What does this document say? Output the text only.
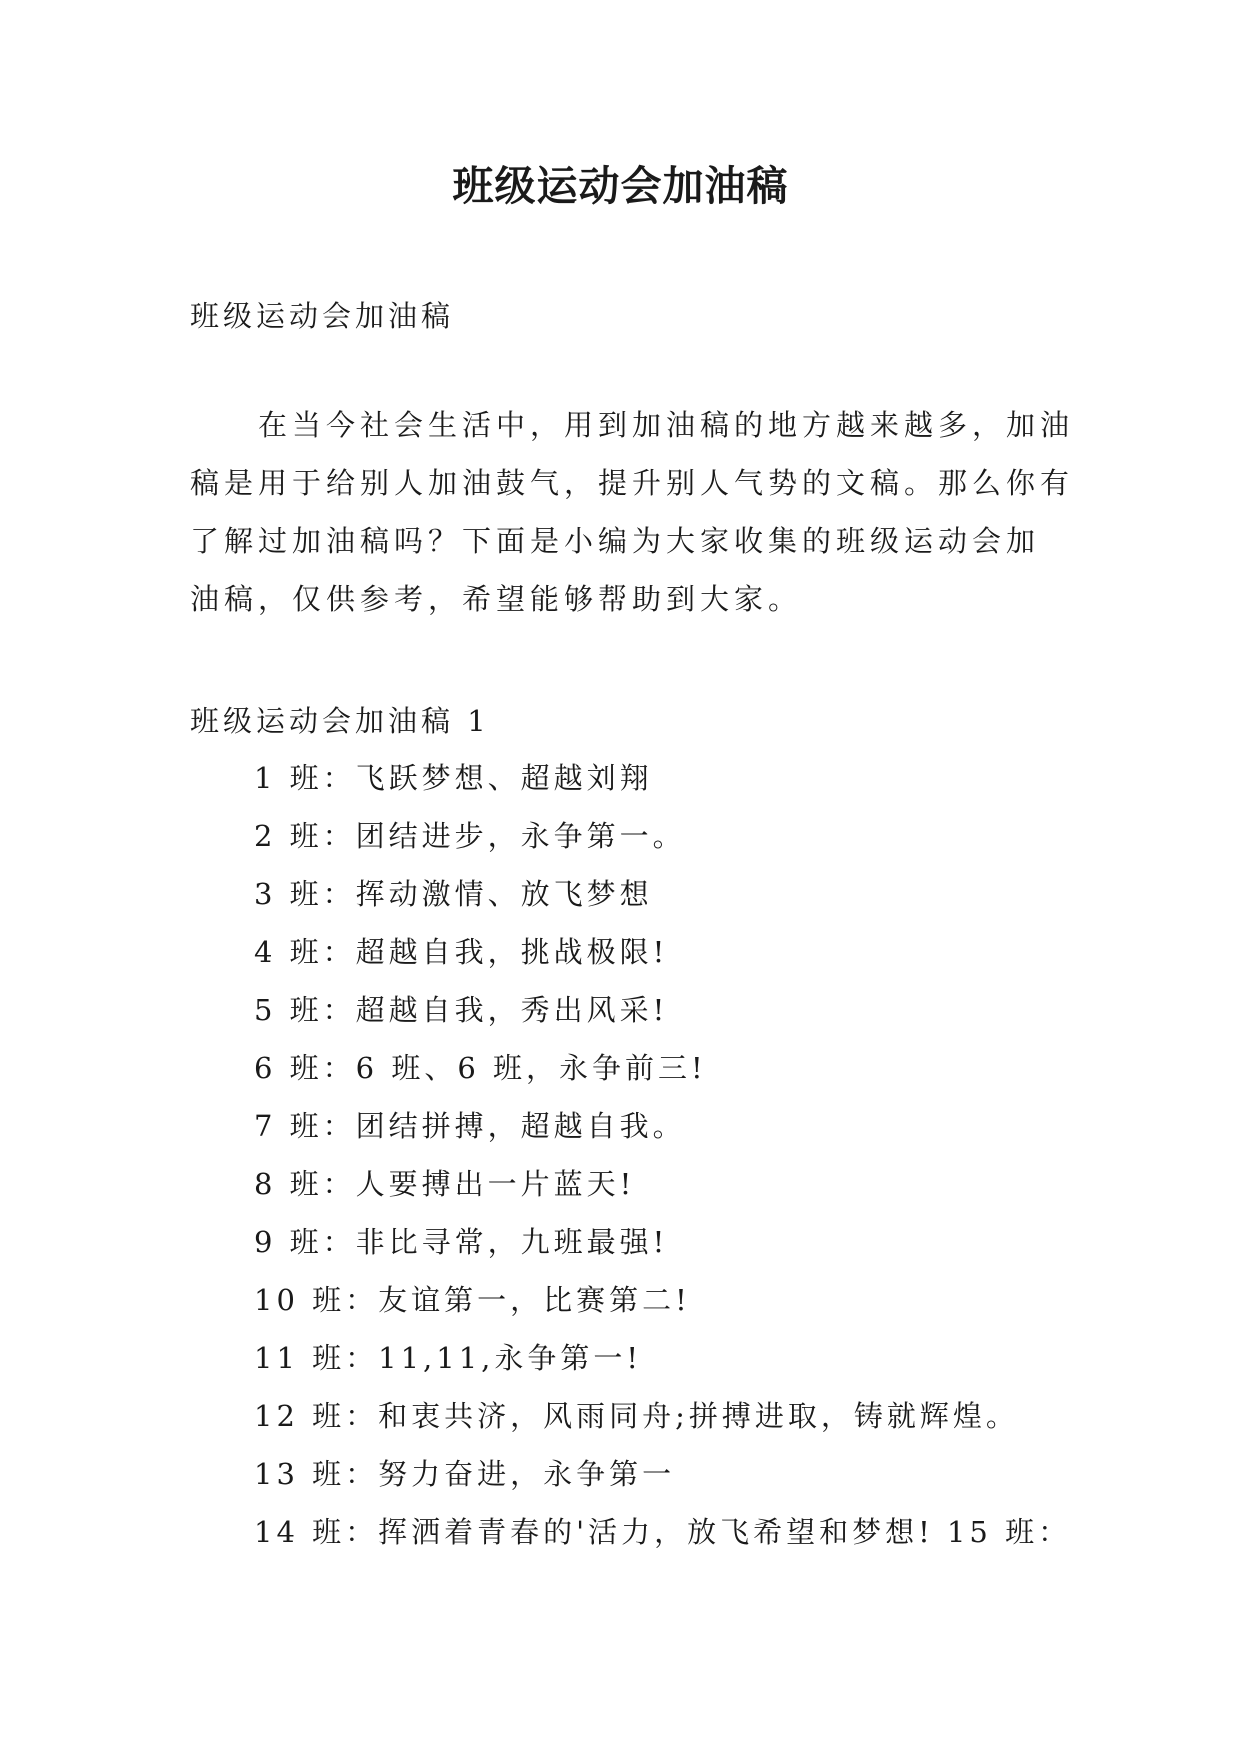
班级运动会加油稿
班级运动会加油稿
　　在当今社会生活中，用到加油稿的地方越来越多，加油
稿是用于给别人加油鼓气，提升别人气势的文稿。那么你有
了解过加油稿吗？下面是小编为大家收集的班级运动会加
油稿，仅供参考，希望能够帮助到大家。
班级运动会加油稿 1
1 班：飞跃梦想、超越刘翔
2 班：团结进步，永争第一。
3 班：挥动激情、放飞梦想
4 班：超越自我，挑战极限!
5 班：超越自我，秀出风采!
6 班：6 班、6 班，永争前三!
7 班：团结拼搏，超越自我。
8 班：人要搏出一片蓝天!
9 班：非比寻常，九班最强!
10 班：友谊第一，比赛第二!
11 班：11,11,永争第一!
12 班：和衷共济，风雨同舟;拼搏进取，铸就辉煌。
13 班：努力奋进，永争第一
14 班：挥洒着青春的'活力，放飞希望和梦想! 15 班：
